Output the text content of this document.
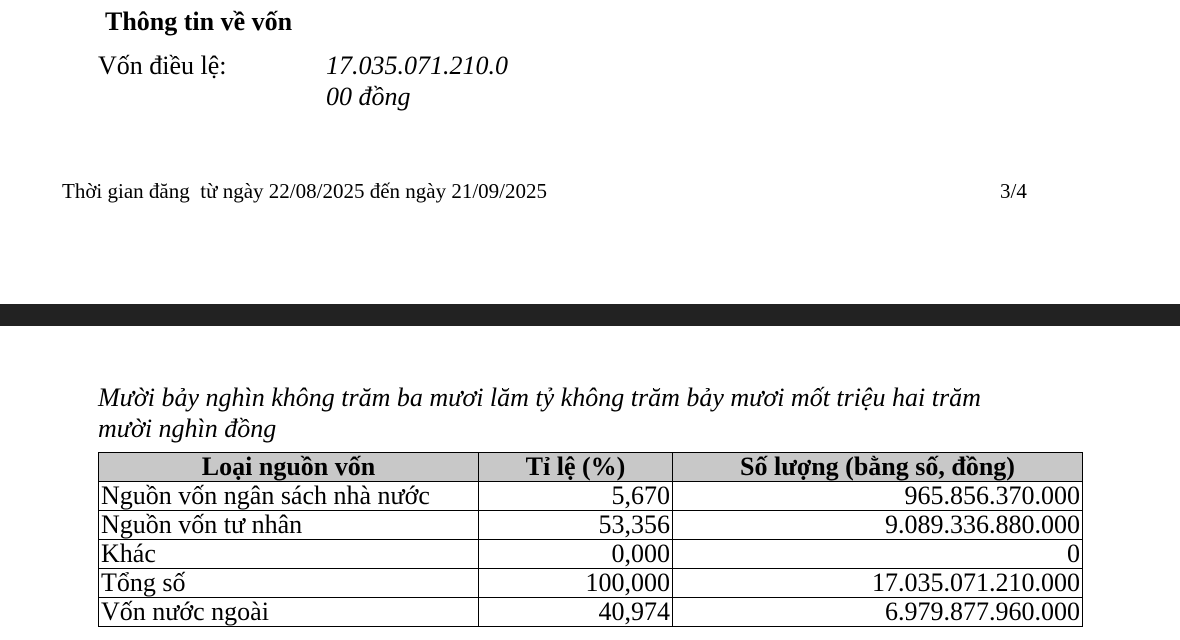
Thông tin về vốn
Vốn điều lệ:	17.035.071.210.0
00 đồng
Thời gian đăng  từ ngày 22/08/2025 đến ngày 21/09/2025	3/4
Mười bảy nghìn không trăm ba mươi lăm tỷ không trăm bảy mươi mốt triệu hai trăm
mười nghìn đồng
Loại nguồn vốn	Tỉ lệ (%)	Số lượng (bằng số, đồng)
Nguồn vốn ngân sách nhà nước	5,670	965.856.370.000
Nguồn vốn tư nhân	53,356	9.089.336.880.000
Khác	0,000	0
Tổng số	100,000	17.035.071.210.000
Vốn nước ngoài	40,974	6.979.877.960.000
